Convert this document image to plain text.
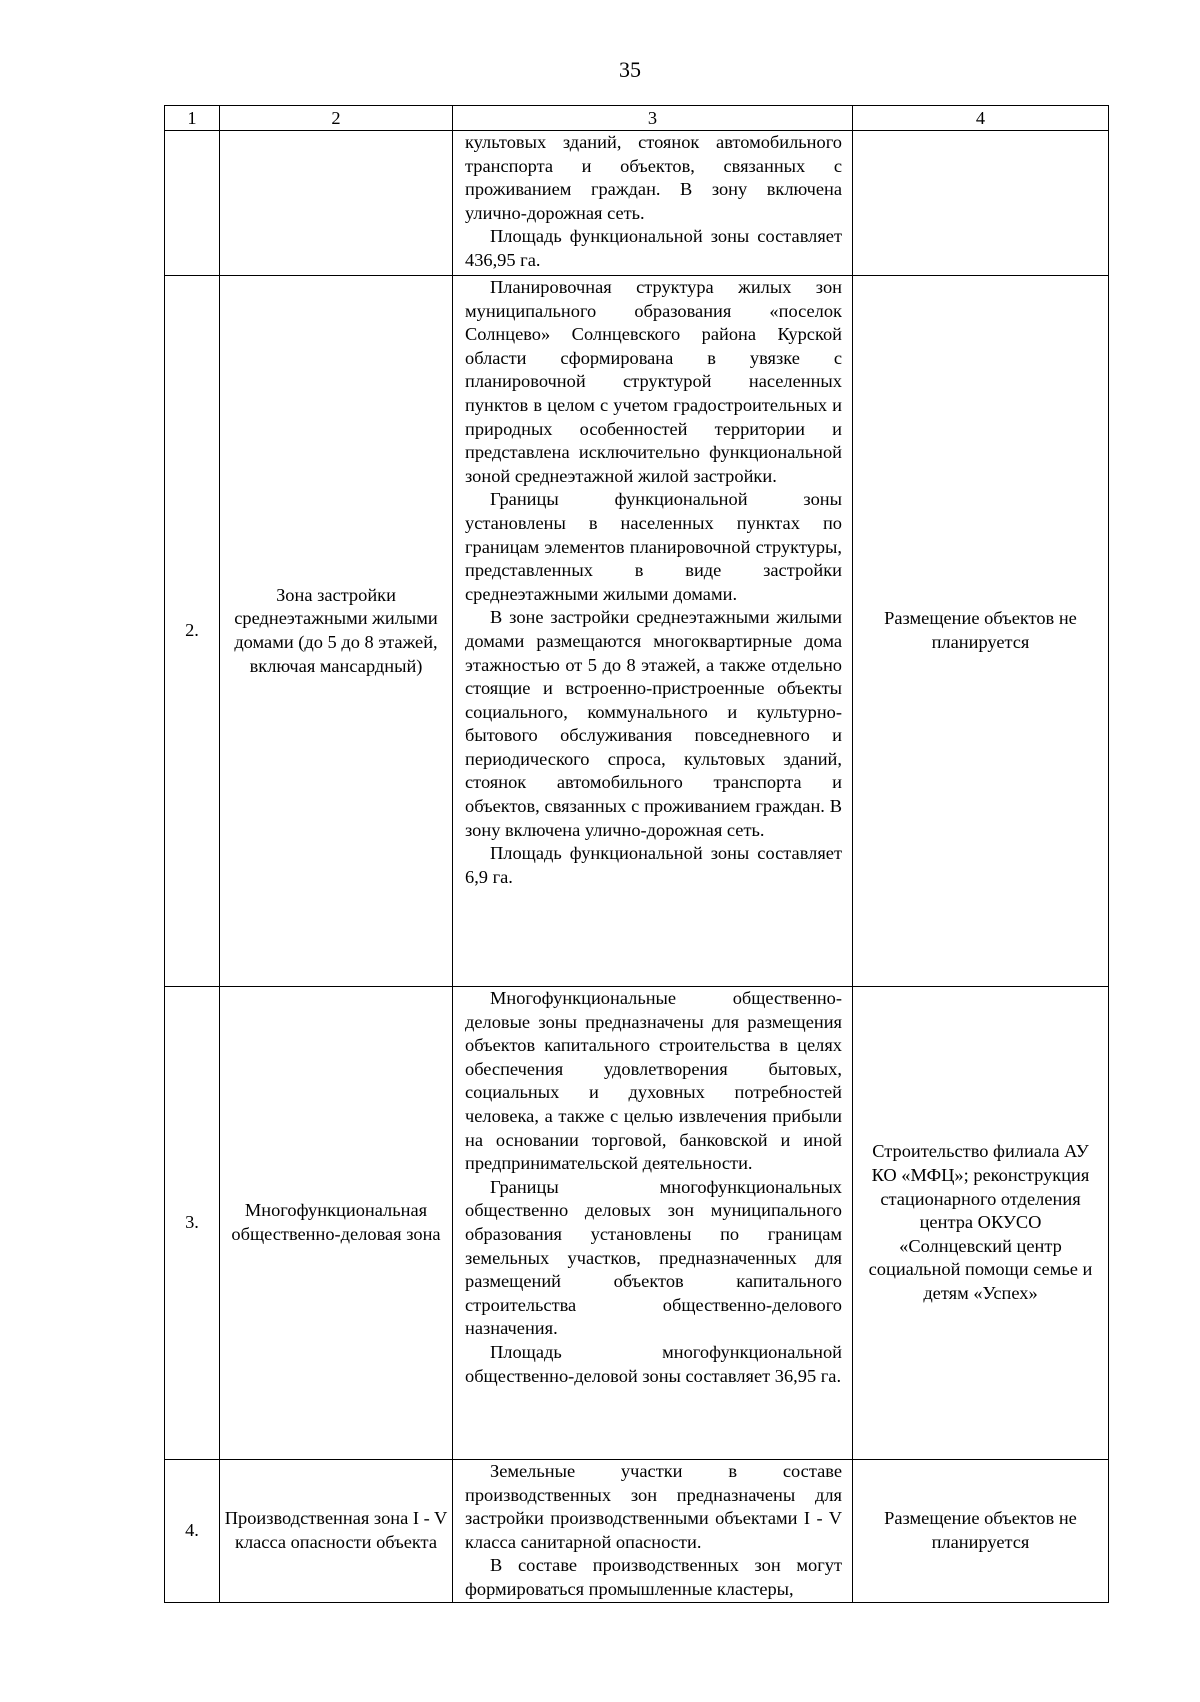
35
1	2	3	4

		культовых зданий, стоянок автомобильного транспорта и объектов, связанных с проживанием граждан. В зону включена улично-дорожная сеть.

Площадь функциональной зоны составляет 436,95 га.	

2.	Зона застройки среднеэтажными жилыми домами (до 5 до 8 этажей, включая мансардный)	Планировочная структура жилых зон муниципального образования «поселок Солнцево» Солнцевского района Курской области сформирована в увязке с планировочной структурой населенных пунктов в целом с учетом градостроительных и природных особенностей территории и представлена исключительно функциональной зоной среднеэтажной жилой застройки.

Границы функциональной зоны установлены в населенных пунктах по границам элементов планировочной структуры, представленных в виде застройки среднеэтажными жилыми домами.

В зоне застройки среднеэтажными жилыми домами размещаются многоквартирные дома этажностью от 5 до 8 этажей, а также отдельно стоящие и встроенно-пристроенные объекты социального, коммунального и культурно-бытового обслуживания повседневного и периодического спроса, культовых зданий, стоянок автомобильного транспорта и объектов, связанных с проживанием граждан. В зону включена улично-дорожная сеть.

Площадь функциональной зоны составляет 6,9 га.	Размещение объектов не планируется
3.	Многофункциональная общественно-деловая зона	Многофункциональные общественно-деловые зоны предназначены для размещения объектов капитального строительства в целях обеспечения удовлетворения бытовых, социальных и духовных потребностей человека, а также с целью извлечения прибыли на основании торговой, банковской и иной предпринимательской деятельности.

Границы многофункциональных общественно деловых зон муниципального образования установлены по границам земельных участков, предназначенных для размещений объектов капитального строительства общественно-делового назначения.

Площадь многофункциональной общественно-деловой зоны составляет 36,95 га.	Строительство филиала АУ КО «МФЦ»; реконструкция стационарного отделения центра ОКУСО «Солнцевский центр социальной помощи семье и детям «Успех»
4.	Производственная зона I - V класса опасности объекта	Земельные участки в составе производственных зон предназначены для застройки производственными объектами I - V класса санитарной опасности.

В составе производственных зон могут формироваться промышленные кластеры,	Размещение объектов не планируется
